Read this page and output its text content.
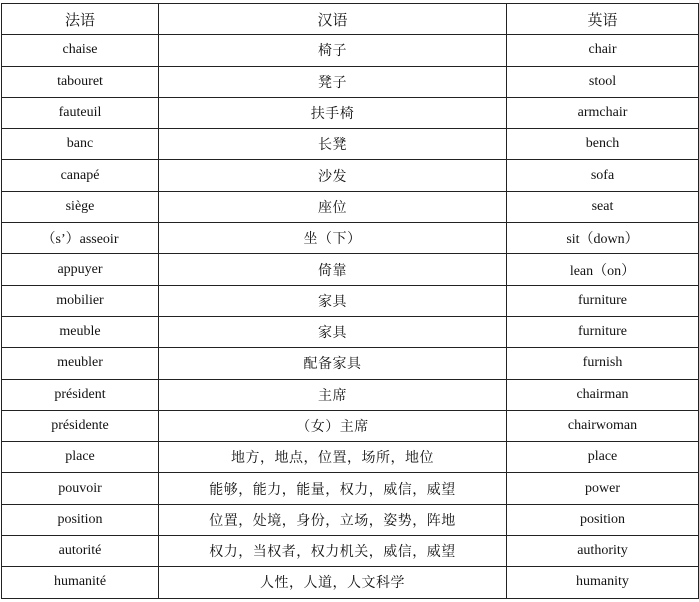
法语	汉语	英语
chaise	椅子	chair
tabouret	凳子	stool
fauteuil	扶手椅	armchair
banc	长凳	bench
canapé	沙发	sofa
siège	座位	seat
（s’）asseoir	坐（下）	sit（down）
appuyer	倚靠	lean（on）
mobilier	家具	furniture
meuble	家具	furniture
meubler	配备家具	furnish
président	主席	chairman
présidente	（女）主席	chairwoman
place	地方，地点，位置，场所，地位	place
pouvoir	能够，能力，能量，权力，威信，威望	power
position	位置，处境，身份，立场，姿势，阵地	position
autorité	权力，当权者，权力机关，威信，威望	authority
humanité	人性，人道，人文科学	humanity
